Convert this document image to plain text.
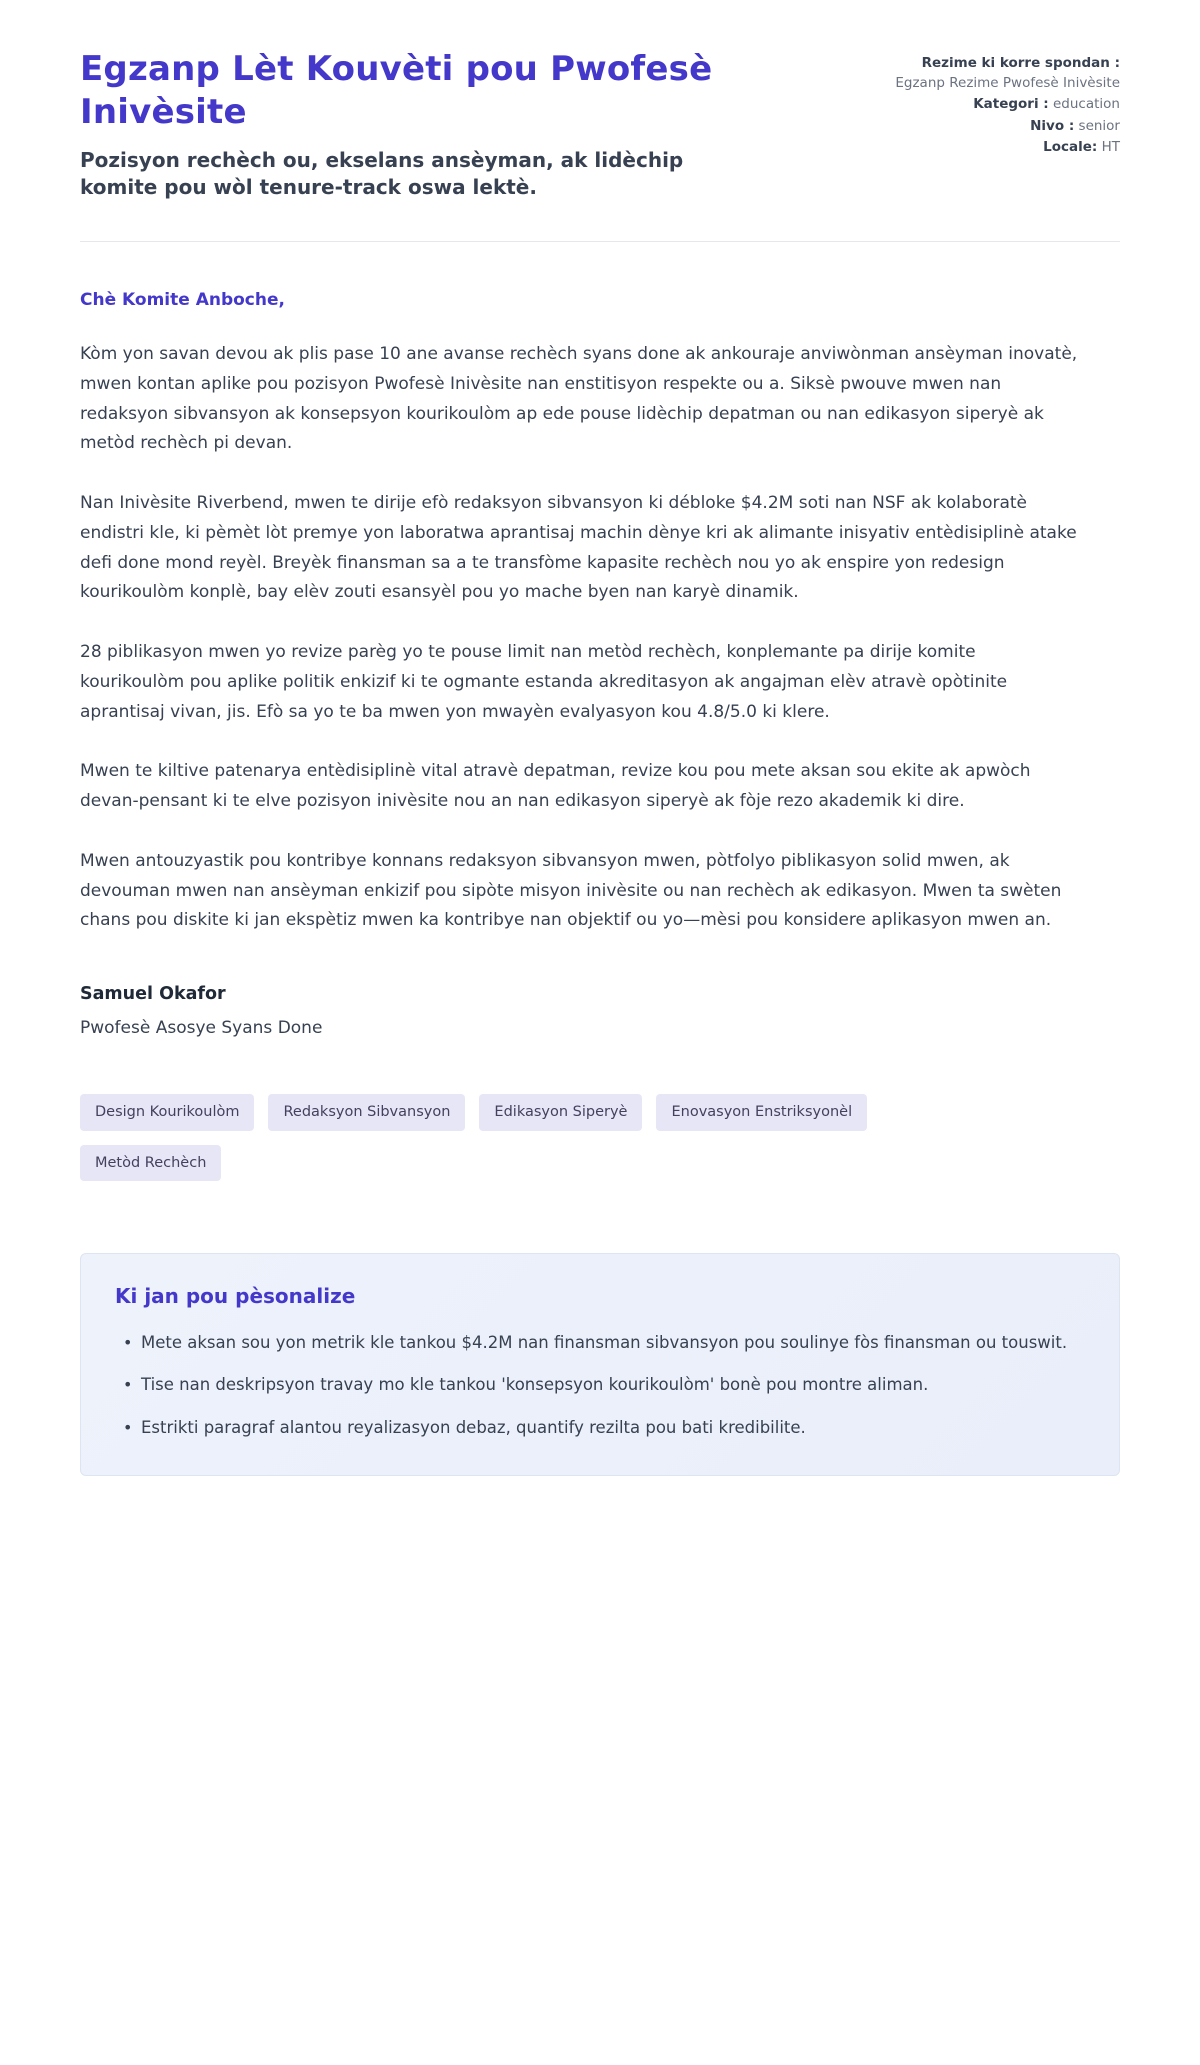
Egzanp Lèt Kouvèti pou Pwofesè Inivèsite
Pozisyon rechèch ou, ekselans ansèyman, ak lidèchip komite pou wòl tenure-track oswa lektè.
Rezime ki korre spondan :
Egzanp Rezime Pwofesè Inivèsite
Kategori : education
Nivo : senior
Locale: HT

Chè Komite Anboche,

Kòm yon savan devou ak plis pase 10 ane avanse rechèch syans done ak ankouraje anviwònman ansèyman inovatè, mwen kontan aplike pou pozisyon Pwofesè Inivèsite nan enstitisyon respekte ou a. Siksè pwouve mwen nan redaksyon sibvansyon ak konsepsyon kourikoulòm ap ede pouse lidèchip depatman ou nan edikasyon siperyè ak metòd rechèch pi devan.

Nan Inivèsite Riverbend, mwen te dirije efò redaksyon sibvansyon ki débloke $4.2M soti nan NSF ak kolaboratè endistri kle, ki pèmèt lòt premye yon laboratwa aprantisaj machin dènye kri ak alimante inisyativ entèdisiplinè atake defi done mond reyèl. Breyèk finansman sa a te transfòme kapasite rechèch nou yo ak enspire yon redesign kourikoulòm konplè, bay elèv zouti esansyèl pou yo mache byen nan karyè dinamik.

28 piblikasyon mwen yo revize parèg yo te pouse limit nan metòd rechèch, konplemante pa dirije komite kourikoulòm pou aplike politik enkizif ki te ogmante estanda akreditasyon ak angajman elèv atravè opòtinite aprantisaj vivan, jis. Efò sa yo te ba mwen yon mwayèn evalyasyon kou 4.8/5.0 ki klere.

Mwen te kiltive patenarya entèdisiplinè vital atravè depatman, revize kou pou mete aksan sou ekite ak apwòch devan-pensant ki te elve pozisyon inivèsite nou an nan edikasyon siperyè ak fòje rezo akademik ki dire.

Mwen antouzyastik pou kontribye konnans redaksyon sibvansyon mwen, pòtfolyo piblikasyon solid mwen, ak devouman mwen nan ansèyman enkizif pou sipòte misyon inivèsite ou nan rechèch ak edikasyon. Mwen ta swèten chans pou diskite ki jan ekspètiz mwen ka kontribye nan objektif ou yo—mèsi pou konsidere aplikasyon mwen an.

Samuel Okafor
Pwofesè Asosye Syans Done
Design Kourikoulòm	Redaksyon Sibvansyon	Edikasyon Siperyè	Enovasyon Enstriksyonèl
Metòd Rechèch
Ki jan pou pèsonalize
• Mete aksan sou yon metrik kle tankou $4.2M nan finansman sibvansyon pou soulinye fòs finansman ou touswit.
• Tise nan deskripsyon travay mo kle tankou 'konsepsyon kourikoulòm' bonè pou montre aliman.
• Estrikti paragraf alantou reyalizasyon debaz, quantify rezilta pou bati kredibilite.
